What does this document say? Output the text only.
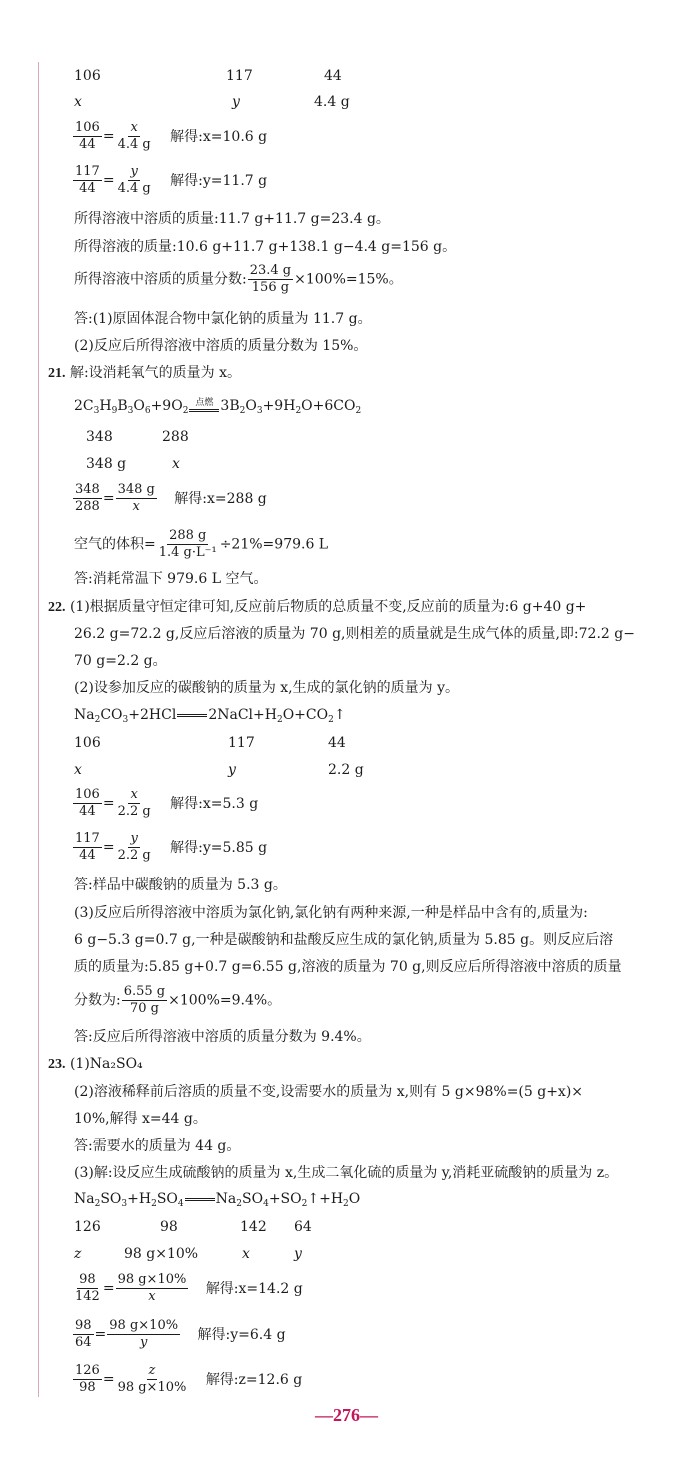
106	117	44
x	y	4.4 g
$\frac{106}{44} = \frac{x}{4.4 g}$ 解得:x=10.6 g
$\frac{117}{44} = \frac{y}{4.4 g}$ 解得:y=11.7 g
所得溶液中溶质的质量:11.7 g+11.7 g=23.4 g。
所得溶液的质量:10.6 g+11.7 g+138.1 g−4.4 g=156 g。
所得溶液中溶质的质量分数: $\frac{23.4 g}{156 g} \times 100\%=15\%$。
答:(1)原固体混合物中氯化钠的质量为 11.7 g。
(2)反应后所得溶液中溶质的质量分数为 15%。
21. 解:设消耗氧气的质量为 x。
$2C_3H_9B_3O_6+9O_2$
点燃 $3B_2O_3+9H_2O+6CO_2$
348	288
348 g	x
$\frac{348}{288} = \frac{348 g}{x}$ 解得:x=288 g
空气的体积= $\frac{288 g}{\text{1.4 g·L⁻¹}} \div 21\%=979.6$ L
答:消耗常温下 979.6 L 空气。
22. (1)根据质量守恒定律可知,反应前后物质的总质量不变,反应前的质量为:6 g+40 g+
26.2 g=72.2 g,反应后溶液的质量为 70 g,则相差的质量就是生成气体的质量,即:72.2 g−
70 g=2.2 g。
(2)设参加反应的碳酸钠的质量为 x,生成的氯化钠的质量为 y。
$Na_2CO_3+2HCl$ $2NaCl+H_2O+CO_2↑$
106	117	44
x	y	2.2 g
$\frac{106}{44} = \frac{x}{2.2 g}$ 解得:x=5.3 g
$\frac{117}{44} = \frac{y}{2.2 g}$ 解得:y=5.85 g
答:样品中碳酸钠的质量为 5.3 g。
(3)反应后所得溶液中溶质为氯化钠,氯化钠有两种来源,一种是样品中含有的,质量为:
6 g−5.3 g=0.7 g,一种是碳酸钠和盐酸反应生成的氯化钠,质量为 5.85 g。则反应后溶
质的质量为:5.85 g+0.7 g=6.55 g,溶液的质量为 70 g,则反应后所得溶液中溶质的质量
分数为: $\frac{6.55 g}{70 g} \times 100\%=9.4\%$。
答:反应后所得溶液中溶质的质量分数为 9.4%。
23. (1)Na₂SO₄
(2)溶液稀释前后溶质的质量不变,设需要水的质量为 x,则有 5 g×98%=(5 g+x)×
10%,解得 x=44 g。
答:需要水的质量为 44 g。
(3)解:设反应生成硫酸钠的质量为 x,生成二氧化硫的质量为 y,消耗亚硫酸钠的质量为 z。
$Na_2SO_3+H_2SO_4$ $Na_2SO_4+SO_2↑+H_2O$
126	98	142 64
z	98 g×10%	x	y
$\frac{98}{142} = \frac{98 g\times 10\%}{x}$ 解得:x=14.2 g
$\frac{98}{64} = \frac{98 g\times 10\%}{y}$ 解得:y=6.4 g
$\frac{126}{98} = \frac{z}{98 g\times 10\%}$ 解得:z=12.6 g
—276—
